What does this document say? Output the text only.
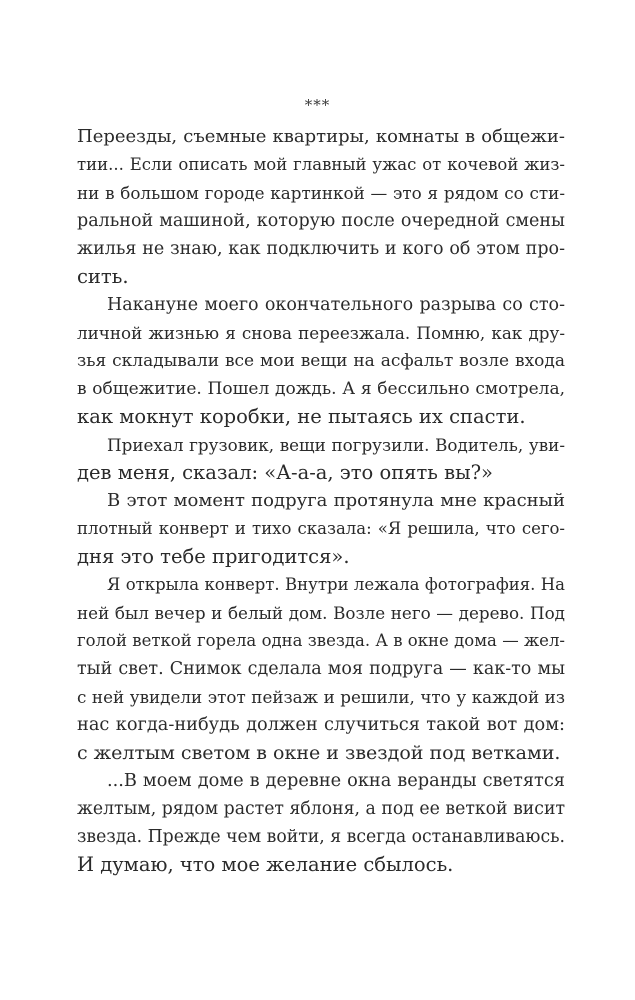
***
Переезды, съемные квартиры, комнаты в общежи-
тии... Если описать мой главный ужас от кочевой жиз-
ни в большом городе картинкой — это я рядом со сти-
ральной машиной, которую после очередной смены
жилья не знаю, как подключить и кого об этом про-
сить.
Накануне моего окончательного разрыва со сто-
личной жизнью я снова переезжала. Помню, как дру-
зья складывали все мои вещи на асфальт возле входа
в общежитие. Пошел дождь. А я бессильно смотрела,
как мокнут коробки, не пытаясь их спасти.
Приехал грузовик, вещи погрузили. Водитель, уви-
дев меня, сказал: «А-а-а, это опять вы?»
В этот момент подруга протянула мне красный
плотный конверт и тихо сказала: «Я решила, что сего-
дня это тебе пригодится».
Я открыла конверт. Внутри лежала фотография. На
ней был вечер и белый дом. Возле него — дерево. Под
голой веткой горела одна звезда. А в окне дома — жел-
тый свет. Снимок сделала моя подруга — как-то мы
с ней увидели этот пейзаж и решили, что у каждой из
нас когда-нибудь должен случиться такой вот дом:
с желтым светом в окне и звездой под ветками.
...В моем доме в деревне окна веранды светятся
желтым, рядом растет яблоня, а под ее веткой висит
звезда. Прежде чем войти, я всегда останавливаюсь.
И думаю, что мое желание сбылось.
